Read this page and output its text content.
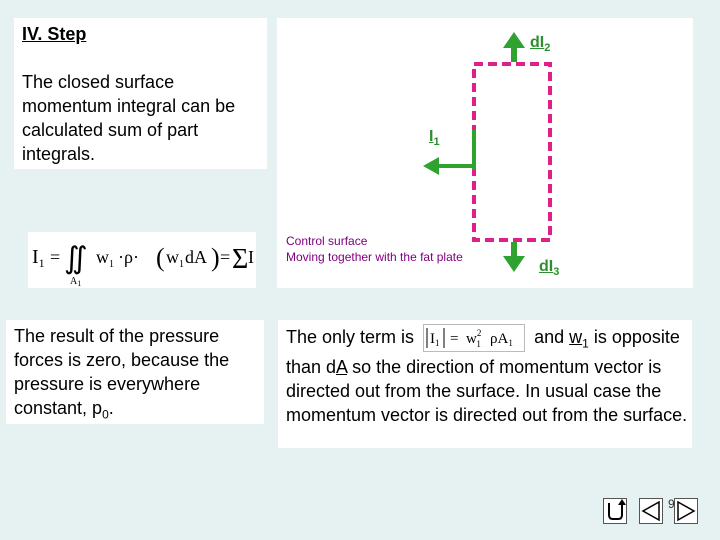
IV. Step
The closed surface momentum integral can be calculated sum of part integrals.
$dI_2$
$I_1$
$dI_3$
Control surface
Moving together with the fat plate
$I_1$ = ∬
$A_1$
$w_1 \cdot\rho\cdot$ ( $w_1$ dA ) = Σ I
The result of the pressure forces is zero, because the pressure is everywhere constant, $p_0$.
The only term is $I_1 = w^2$ 1 $\rho A_1$ and $w_1$ is opposite than dA so the direction of momentum vector is directed out from the surface. In usual case the momentum vector is directed out from the surface.
9
